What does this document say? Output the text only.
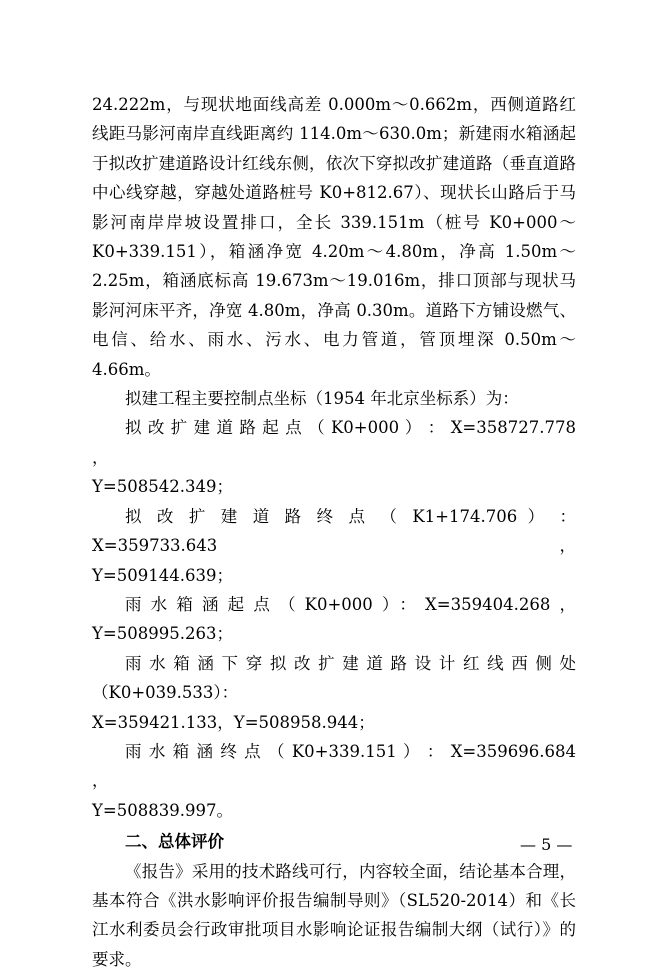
24.222m，与现状地面线高差 0.000m～0.662m，西侧道路红线距马影河南岸直线距离约 114.0m～630.0m；新建雨水箱涵起于拟改扩建道路设计红线东侧，依次下穿拟改扩建道路（垂直道路中心线穿越，穿越处道路桩号 K0+812.67）、现状长山路后于马影河南岸岸坡设置排口，全长 339.151m（桩号 K0+000～K0+339.151），箱涵净宽 4.20m～4.80m，净高 1.50m～2.25m，箱涵底标高 19.673m～19.016m，排口顶部与现状马影河河床平齐，净宽 4.80m，净高 0.30m。道路下方铺设燃气、电信、给水、雨水、污水、电力管道，管顶埋深 0.50m～4.66m。

拟建工程主要控制点坐标（1954 年北京坐标系）为：

拟 改 扩 建 道 路 起 点 （ K0+000 ） ： X=358727.778 ，

Y=508542.349；

拟 改 扩 建 道 路 终 点 （ K1+174.706 ） ： X=359733.643 ，

Y=509144.639；

雨水箱涵起点（K0+000）：X=359404.268，Y=508995.263；

雨水箱涵下穿拟改扩建道路设计红线西侧处（K0+039.533）：

X=359421.133，Y=508958.944；

雨 水 箱 涵 终 点 （ K0+339.151 ） ： X=359696.684 ，

Y=508839.997。

二、总体评价

《报告》采用的技术路线可行，内容较全面，结论基本合理，基本符合《洪水影响评价报告编制导则》（SL520-2014）和《长江水利委员会行政审批项目水影响论证报告编制大纲（试行）》的要求。

— 5 —
